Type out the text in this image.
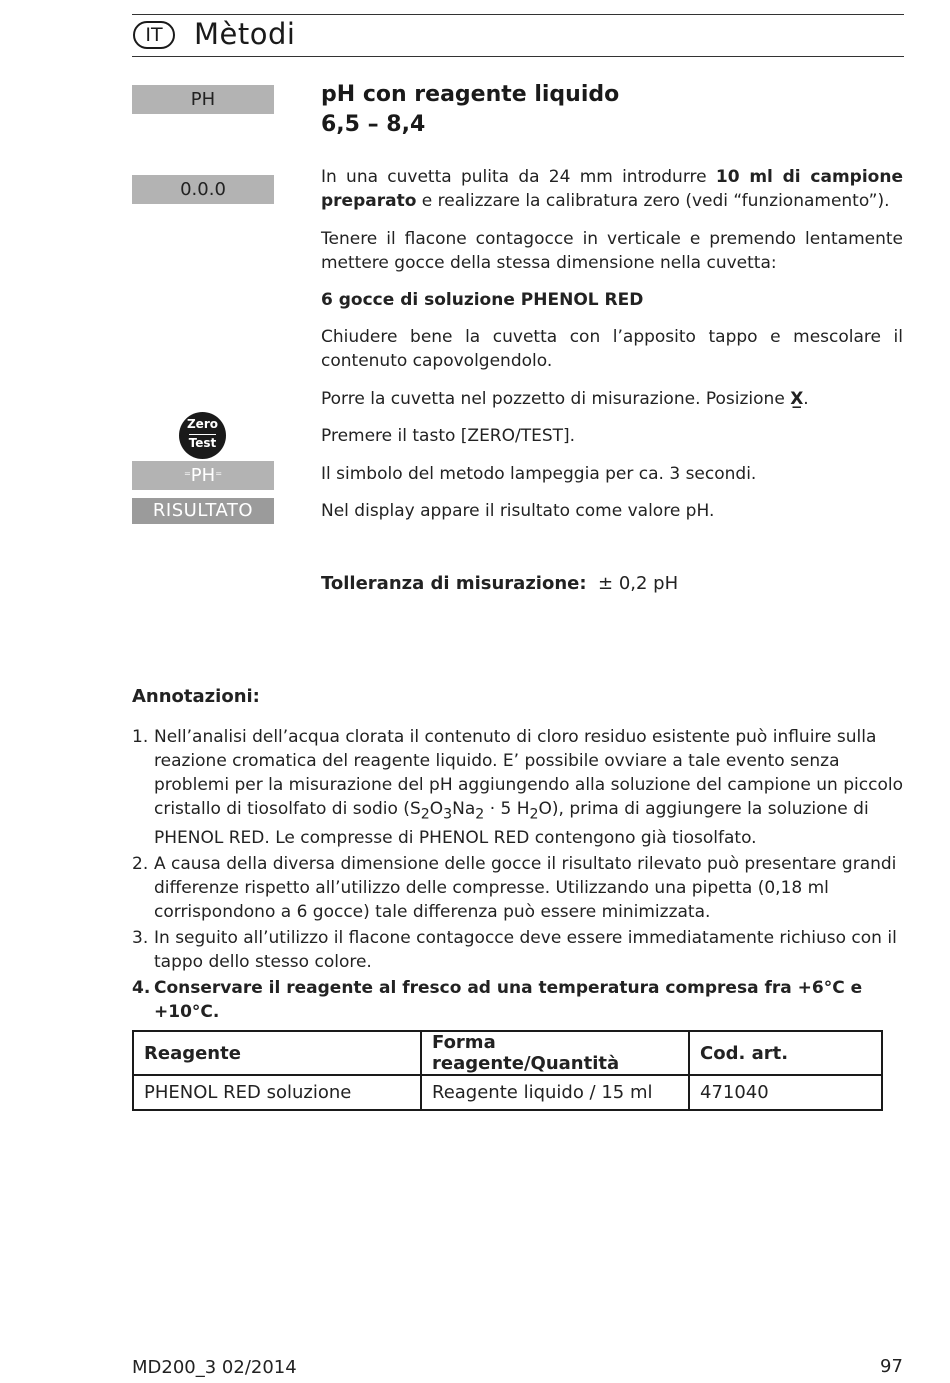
IT	Mètodi
PH
0.0.0
Zero
Test
⁼PH⁼
RISULTATO
pH con reagente liquido
6,5 – 8,4
In una cuvetta pulita da 24 mm introdurre 10 ml di campione preparato e realizzare la calibratura zero (vedi “funzionamento”).
Tenere il flacone contagocce in verticale e premendo lentamente mettere gocce della stessa dimensione nella cuvetta:
6 gocce di soluzione PHENOL RED
Chiudere bene la cuvetta con l’apposito tappo e mescolare il contenuto capovolgendolo.
Porre la cuvetta nel pozzetto di misurazione. Posizione X̲.
Premere il tasto [ZERO/TEST].
Il simbolo del metodo lampeggia per ca. 3 secondi.
Nel display appare il risultato come valore pH.
Tolleranza di misurazione: ± 0,2 pH
Annotazioni:
1. Nell’analisi dell’acqua clorata il contenuto di cloro residuo esistente può influire sulla reazione cromatica del reagente liquido. E’ possibile ovviare a tale evento senza problemi per la misurazione del pH aggiungendo alla soluzione del campione un piccolo cristallo di tiosolfato di sodio ($S_2O_3Na_2 \cdot 5$ $H_2O$), prima di aggiungere la soluzione di PHENOL RED. Le compresse di PHENOL RED contengono già tiosolfato.
2. A causa della diversa dimensione delle gocce il risultato rilevato può presentare grandi differenze rispetto all’utilizzo delle compresse. Utilizzando una pipetta (0,18 ml corrispondono a 6 gocce) tale differenza può essere minimizzata.
3. In seguito all’utilizzo il flacone contagocce deve essere immediatamente richiuso con il tappo dello stesso colore.
4. Conservare il reagente al fresco ad una temperatura compresa fra +6°C e +10°C.
Reagente	Forma reagente/Quantità	Cod. art.
PHENOL RED soluzione	Reagente liquido / 15 ml	471040
MD200_3 02/2014	97
